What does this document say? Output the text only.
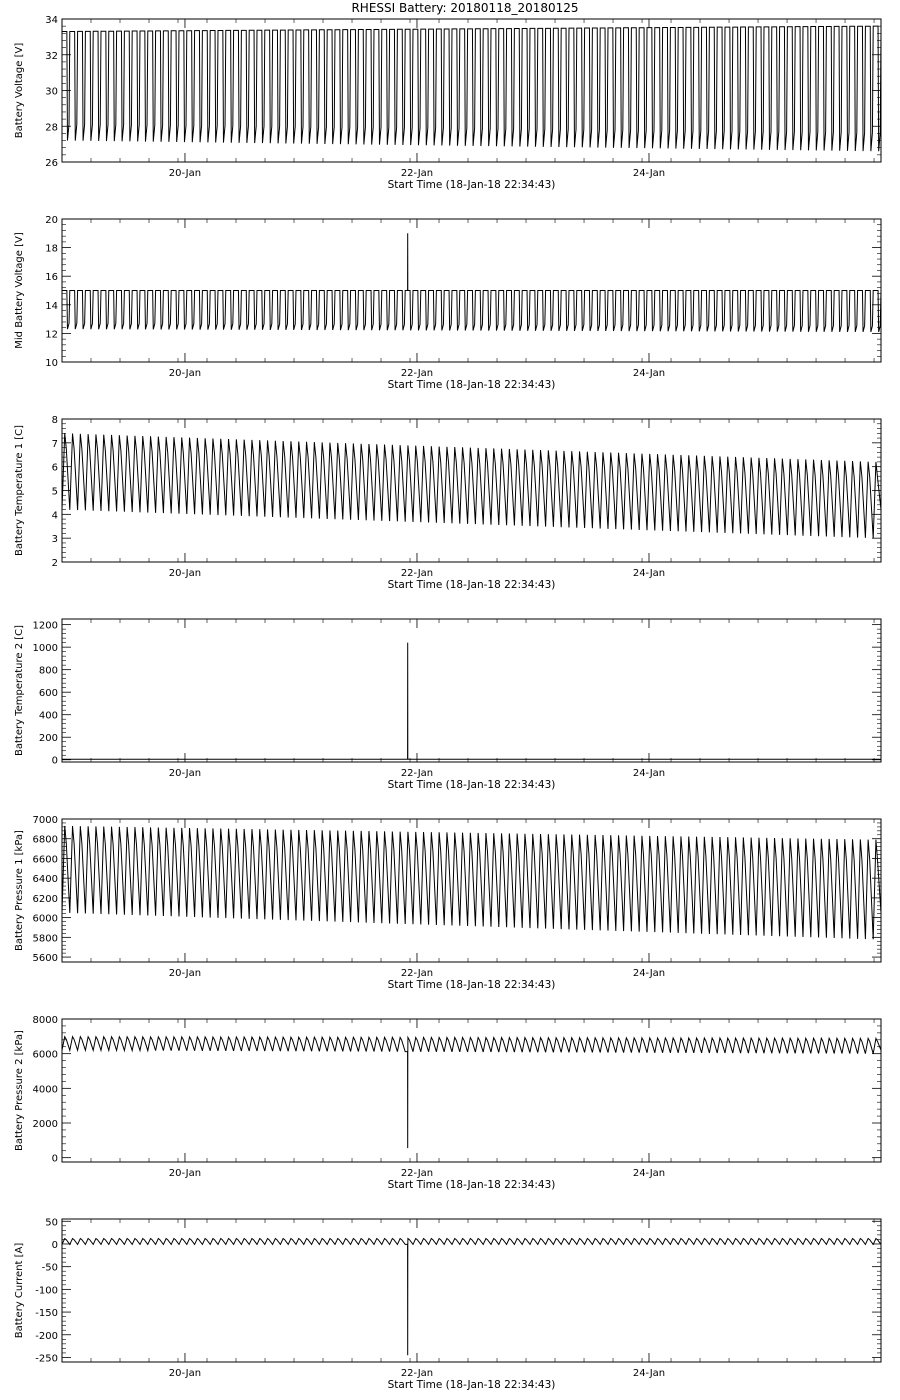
RHESSI Battery: 20180118_20180125
26
28
30
32
34
20-Jan	22-Jan	24-Jan
Start Time (18-Jan-18 22:34:43)
Battery Voltage [V]
10
12
14
16
18
20
20-Jan	22-Jan	24-Jan
Start Time (18-Jan-18 22:34:43)
Mid Battery Voltage [V]
2
3
4
5
6
7
8
20-Jan	22-Jan	24-Jan
Start Time (18-Jan-18 22:34:43)
Battery Temperature 1 [C]
0
200
400
600
800
1000
1200
20-Jan	22-Jan	24-Jan
Start Time (18-Jan-18 22:34:43)
Battery Temperature 2 [C]
5600
5800
6000
6200
6400
6600
6800
7000
20-Jan	22-Jan	24-Jan
Start Time (18-Jan-18 22:34:43)
Battery Pressure 1 [kPa]
0
2000
4000
6000
8000
20-Jan	22-Jan	24-Jan
Start Time (18-Jan-18 22:34:43)
Battery Pressure 2 [kPa]
-250
-200
-150
-100
-50
0
50
20-Jan	22-Jan	24-Jan
Start Time (18-Jan-18 22:34:43)
Battery Current [A]
